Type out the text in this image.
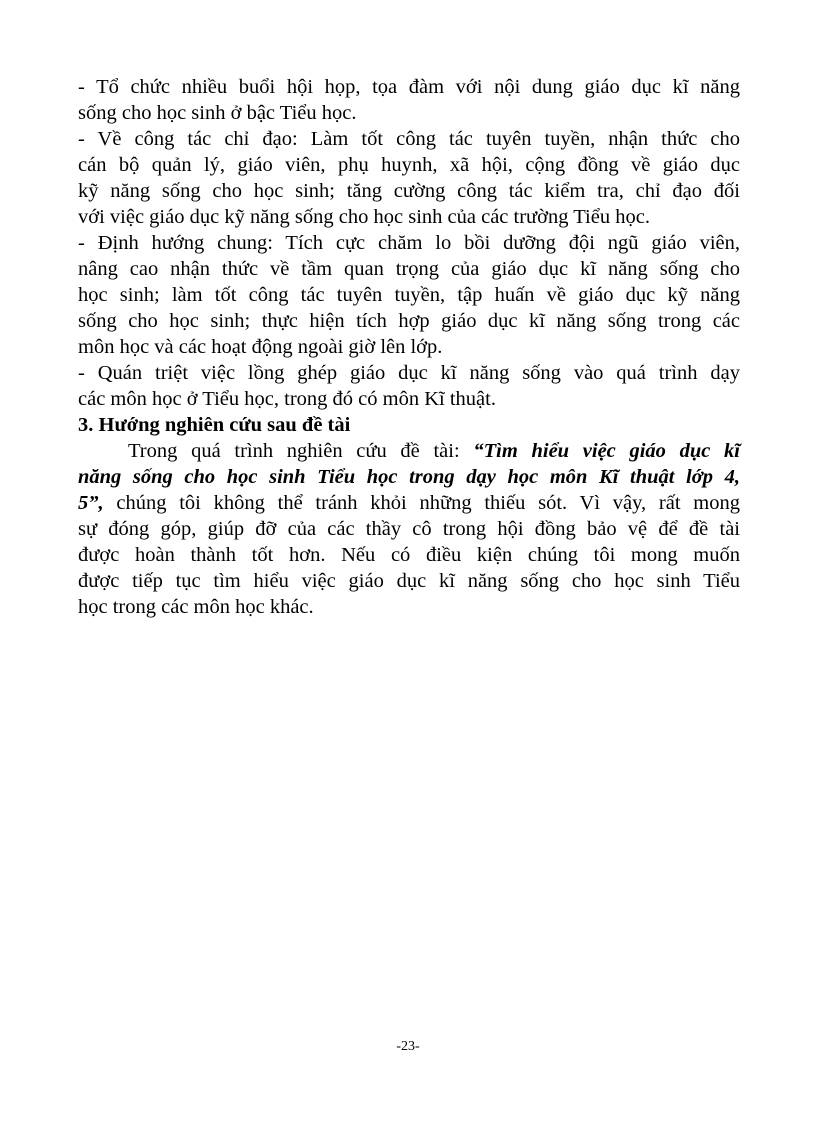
- Tổ chức nhiều buổi hội họp, tọa đàm với nội dung giáo dục kĩ năng
sống cho học sinh ở bậc Tiểu học.
- Về công tác chỉ đạo: Làm tốt công tác tuyên tuyền, nhận thức cho
cán bộ quản lý, giáo viên, phụ huynh, xã hội, cộng đồng về giáo dục
kỹ năng sống cho học sinh; tăng cường công tác kiểm tra, chỉ đạo đối
với việc giáo dục kỹ năng sống cho học sinh của các trường Tiểu học.
- Định hướng chung: Tích cực chăm lo bồi dưỡng đội ngũ giáo viên,
nâng cao nhận thức về tầm quan trọng của giáo dục kĩ năng sống cho
học sinh; làm tốt công tác tuyên tuyền, tập huấn về giáo dục kỹ năng
sống cho học sinh; thực hiện tích hợp giáo dục kĩ năng sống trong các
môn học và các hoạt động ngoài giờ lên lớp.
- Quán triệt việc lồng ghép giáo dục kĩ năng sống vào quá trình dạy
các môn học ở Tiểu học, trong đó có môn Kĩ thuật.
3. Hướng nghiên cứu sau đề tài
Trong quá trình nghiên cứu đề tài: “Tìm hiểu việc giáo dục kĩ
năng sống cho học sinh Tiểu học trong dạy học môn Kĩ thuật lớp 4,
5”, chúng tôi không thể tránh khỏi những thiếu sót. Vì vậy, rất mong
sự đóng góp, giúp đỡ của các thầy cô trong hội đồng bảo vệ để đề tài
được hoàn thành tốt hơn. Nếu có điều kiện chúng tôi mong muốn
được tiếp tục tìm hiểu việc giáo dục kĩ năng sống cho học sinh Tiểu
học trong các môn học khác.
-23-
